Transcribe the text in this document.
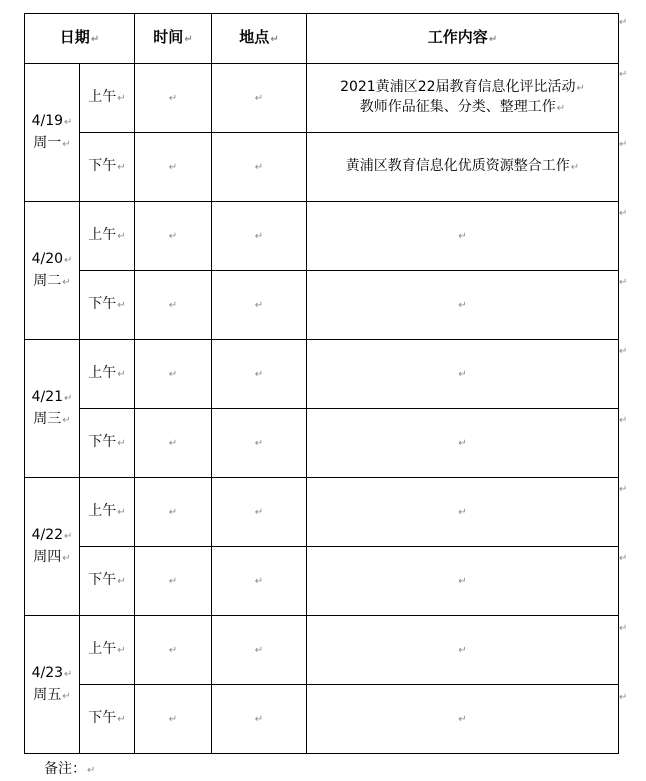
日期↵		时间↵	地点↵	工作内容↵
4/19↵
周一↵	上午↵	↵	↵	2021黄浦区22届教育信息化评比活动↵
教师作品征集、分类、整理工作↵
	下午↵	↵	↵	黄浦区教育信息化优质资源整合工作↵
4/20↵
周二↵	上午↵	↵	↵	↵
	下午↵	↵	↵	↵
4/21↵
周三↵	上午↵	↵	↵	↵
	下午↵	↵	↵	↵
4/22↵
周四↵	上午↵	↵	↵	↵
	下午↵	↵	↵	↵
4/23↵
周五↵	上午↵	↵	↵	↵
	下午↵	↵	↵	↵
↵
↵
↵
↵
↵
↵
↵
↵
↵
↵
↵
备注：↵
